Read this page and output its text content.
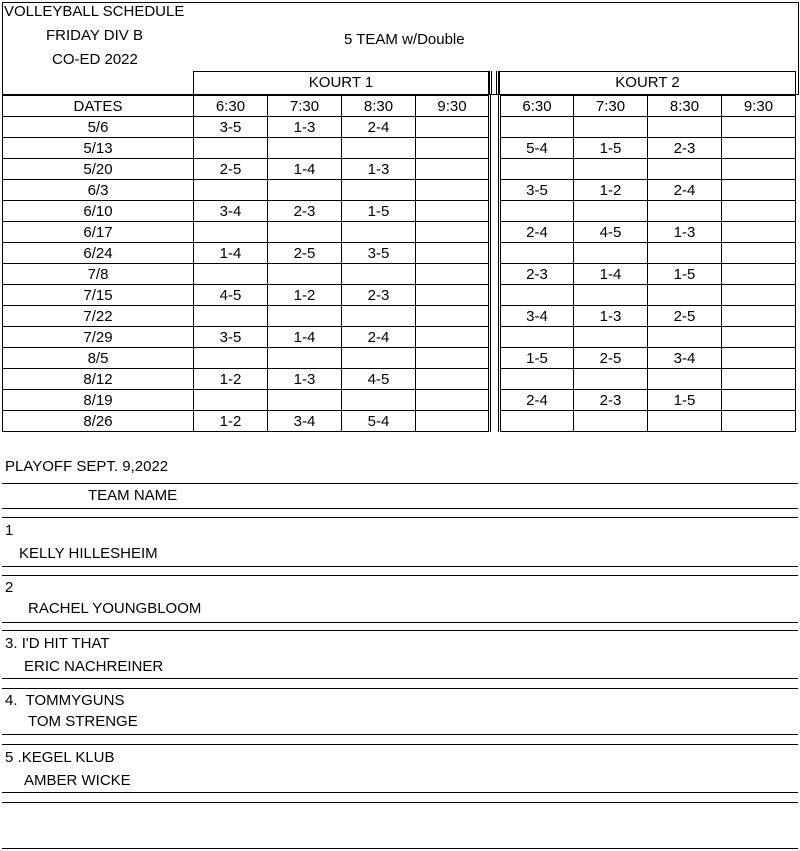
VOLLEYBALL SCHEDULE
FRIDAY DIV B
CO-ED 2022
5 TEAM w/Double
KOURT 1	KOURT 2
DATES	6:30	7:30	8:30	9:30		6:30	7:30	8:30	9:30
5/6	3-5	1-3	2-4						
5/13						5-4	1-5	2-3	
5/20	2-5	1-4	1-3						
6/3						3-5	1-2	2-4	
6/10	3-4	2-3	1-5						
6/17						2-4	4-5	1-3	
6/24	1-4	2-5	3-5						
7/8						2-3	1-4	1-5	
7/15	4-5	1-2	2-3						
7/22						3-4	1-3	2-5	
7/29	3-5	1-4	2-4						
8/5						1-5	2-5	3-4	
8/12	1-2	1-3	4-5						
8/19						2-4	2-3	1-5	
8/26	1-2	3-4	5-4						
PLAYOFF SEPT. 9,2022
TEAM NAME
1
KELLY HILLESHEIM
2
RACHEL YOUNGBLOOM
3. I'D HIT THAT
ERIC NACHREINER
4.  TOMMYGUNS
TOM STRENGE
5 .KEGEL KLUB
AMBER WICKE
